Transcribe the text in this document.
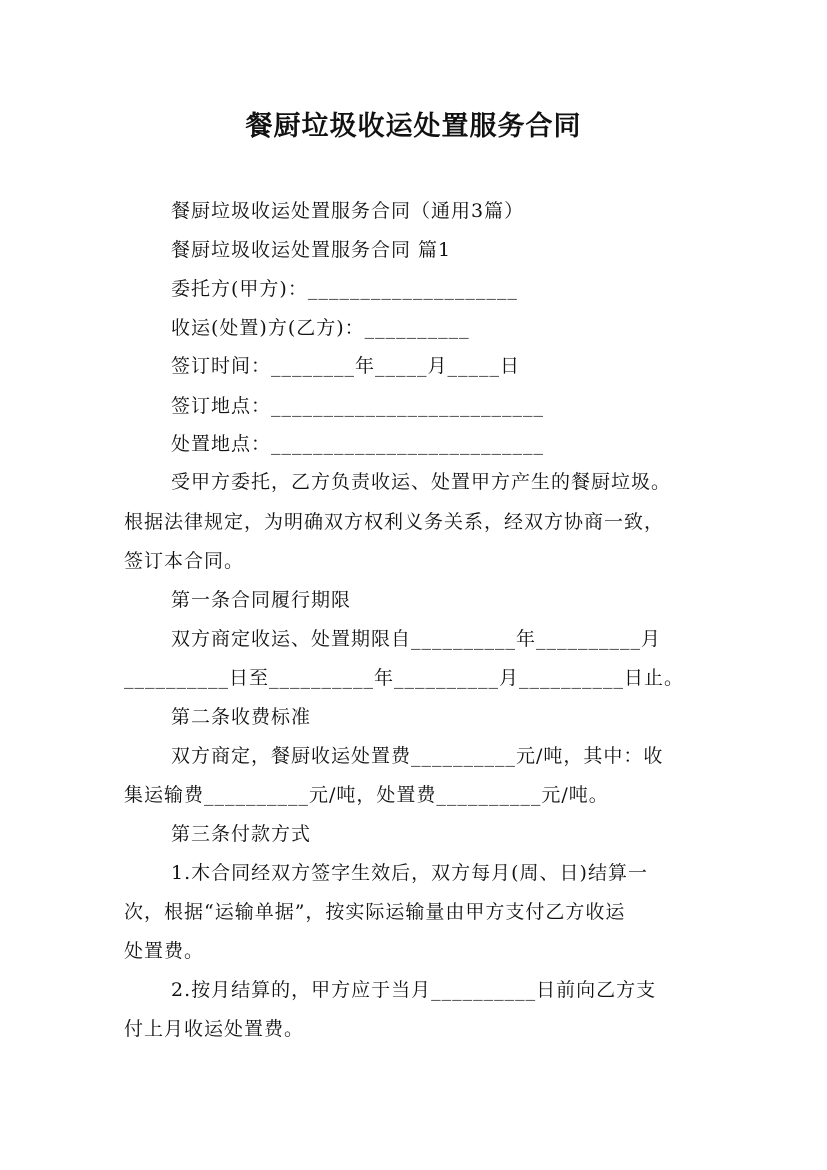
餐厨垃圾收运处置服务合同
餐厨垃圾收运处置服务合同（通用3篇）
餐厨垃圾收运处置服务合同 篇1
委托方(甲方)：____________________
收运(处置)方(乙方)：__________
签订时间：________年_____月_____日
签订地点：__________________________
处置地点：__________________________
受甲方委托，乙方负责收运、处置甲方产生的餐厨垃圾。
根据法律规定，为明确双方权利义务关系，经双方协商一致，
签订本合同。
第一条合同履行期限
双方商定收运、处置期限自__________年__________月
__________日至__________年__________月__________日止。
第二条收费标准
双方商定，餐厨收运处置费__________元/吨，其中：收
集运输费__________元/吨，处置费__________元/吨。
第三条付款方式
1.木合同经双方签字生效后，双方每月(周、日)结算一
次，根据“运输单据”，按实际运输量由甲方支付乙方收运
处置费。
2.按月结算的，甲方应于当月__________日前向乙方支
付上月收运处置费。
